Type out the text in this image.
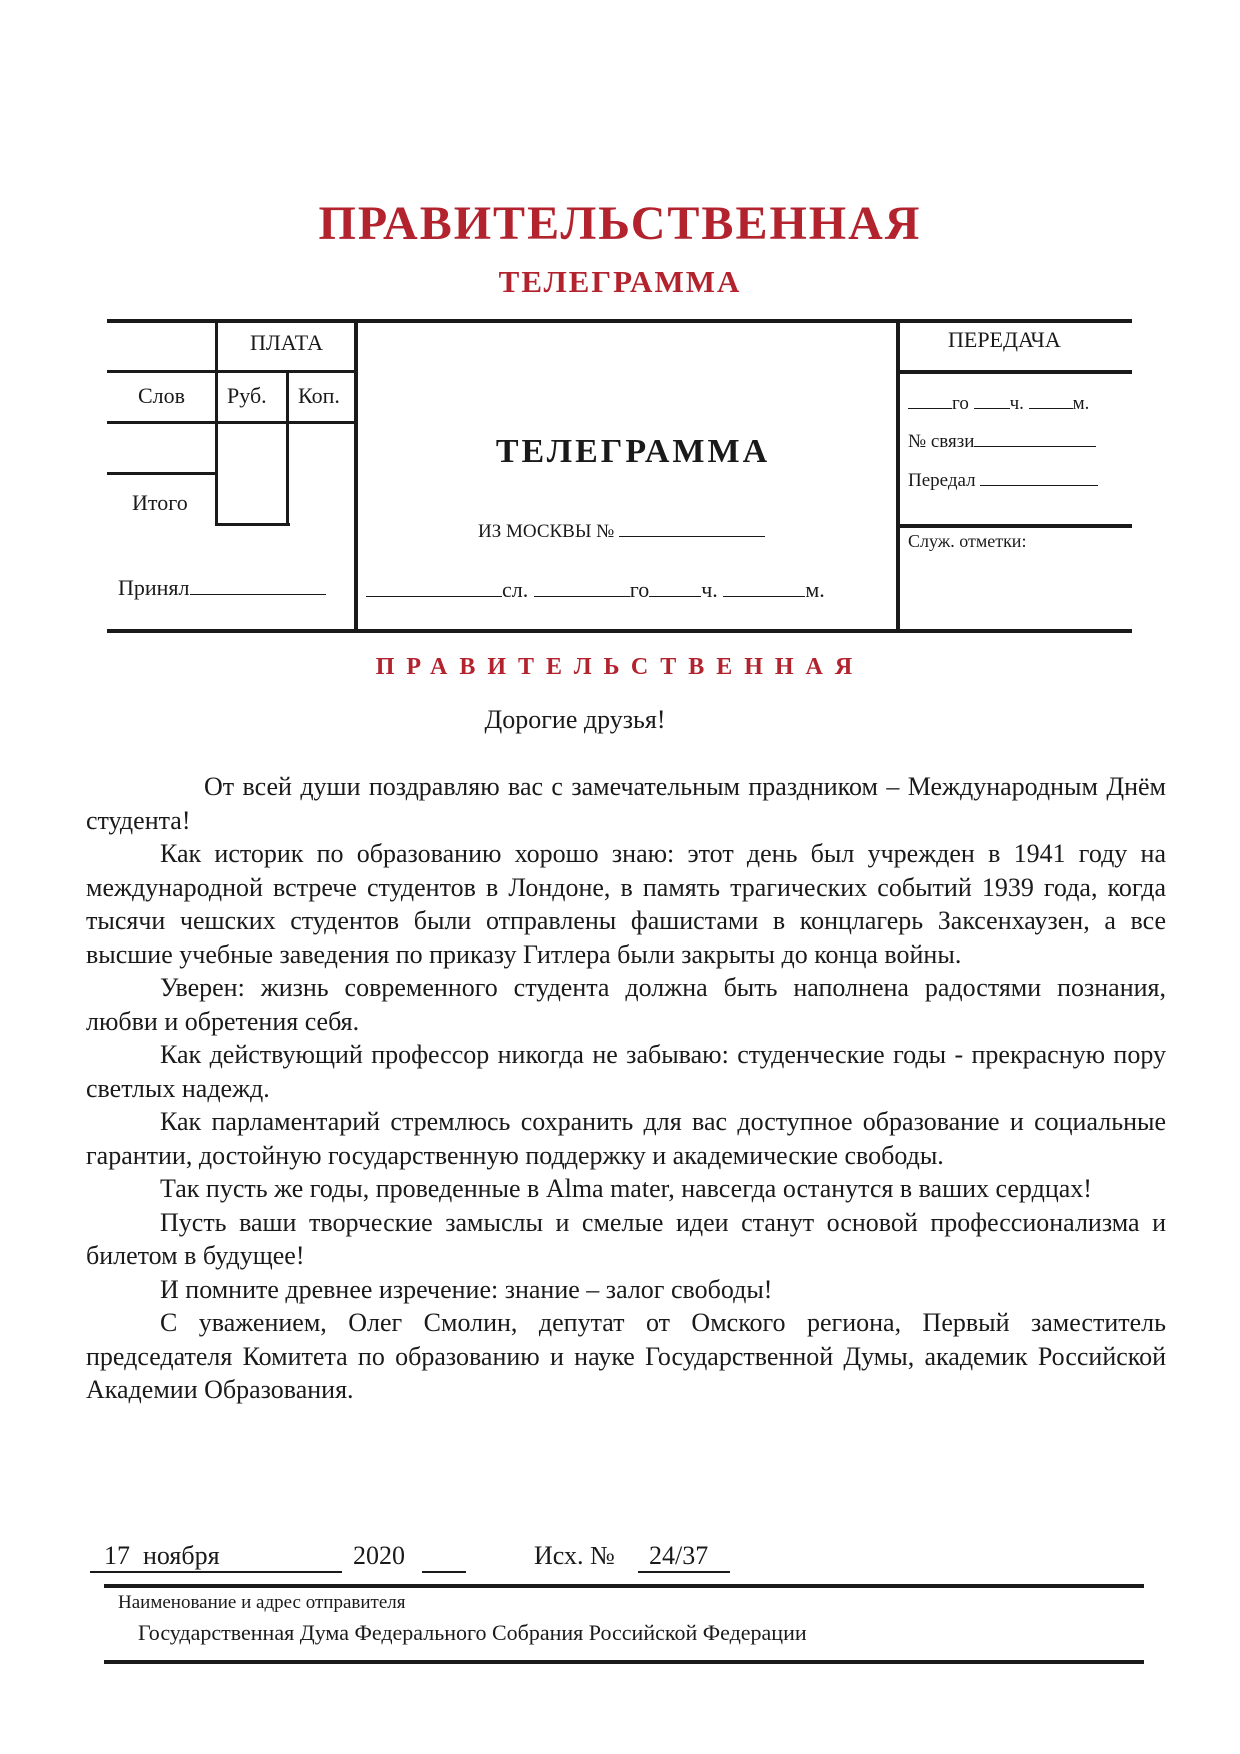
ПРАВИТЕЛЬСТВЕННАЯ
ТЕЛЕГРАММА
ПЛАТА
Слов Руб. Коп.
Итого
Принял
ТЕЛЕГРАММА
ИЗ МОСКВЫ №
сл.	го ч.	м.
ПЕРЕДАЧА
го ч.	м.
№ связи
Передал
Служ. отметки:
ПРАВИТЕЛЬСТВЕННАЯ
Дорогие друзья!

От всей души поздравляю вас с замечательным праздником – Международным Днём студента!

Как историк по образованию хорошо знаю: этот день был учрежден в 1941 году на международной встрече студентов в Лондоне, в память трагических событий 1939 года, когда тысячи чешских студентов были отправлены фашистами в концлагерь Заксенхаузен, а все высшие учебные заведения по приказу Гитлера были закрыты до конца войны.

Уверен: жизнь современного студента должна быть наполнена радостями познания, любви и обретения себя.

Как действующий профессор никогда не забываю: студенческие годы - прекрасную пору светлых надежд.

Как парламентарий стремлюсь сохранить для вас доступное образование и социальные гарантии, достойную государственную поддержку и академические свободы.

Так пусть же годы, проведенные в Alma mater, навсегда останутся в ваших сердцах!

Пусть ваши творческие замыслы и смелые идеи станут основой профессионализма и билетом в будущее!

И помните древнее изречение: знание – залог свободы!

С уважением, Олег Смолин, депутат от Омского региона, Первый заместитель председателя Комитета по образованию и науке Государственной Думы, академик Российской Академии Образования.

17  ноября	2020	Исх. № 24/37
Наименование и адрес отправителя
Государственная Дума Федерального Собрания Российской Федерации
